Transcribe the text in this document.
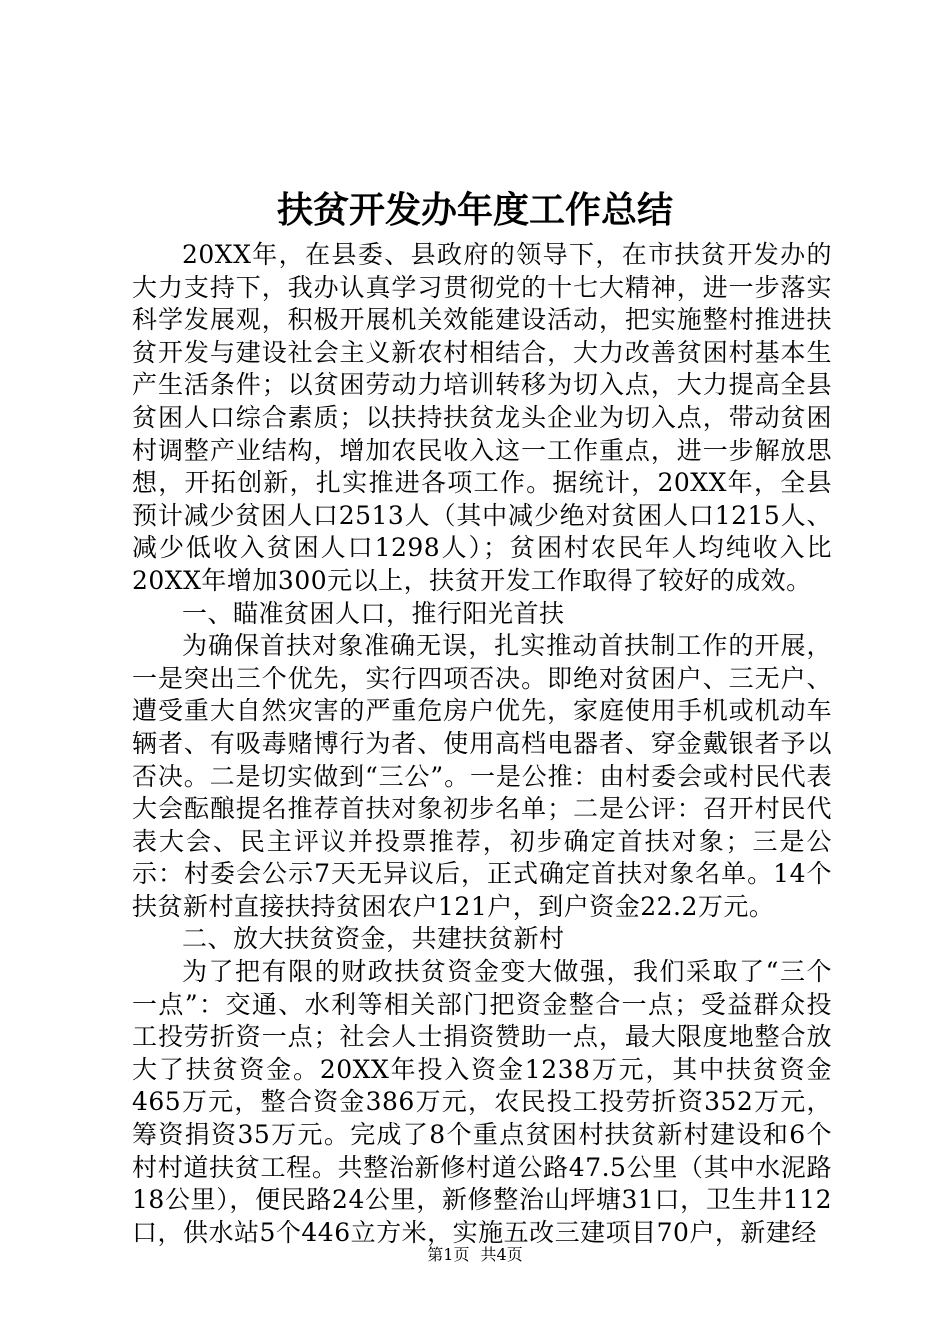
扶贫开发办年度工作总结

20XX年，在县委、县政府的领导下，在市扶贫开发办的大力支持下，我办认真学习贯彻党的十七大精神，进一步落实科学发展观，积极开展机关效能建设活动，把实施整村推进扶贫开发与建设社会主义新农村相结合，大力改善贫困村基本生产生活条件；以贫困劳动力培训转移为切入点，大力提高全县贫困人口综合素质；以扶持扶贫龙头企业为切入点，带动贫困村调整产业结构，增加农民收入这一工作重点，进一步解放思想，开拓创新，扎实推进各项工作。据统计，20XX年，全县预计减少贫困人口2513人（其中减少绝对贫困人口1215人、减少低收入贫困人口1298人）；贫困村农民年人均纯收入比20XX年增加300元以上，扶贫开发工作取得了较好的成效。

一、瞄准贫困人口，推行阳光首扶

为确保首扶对象准确无误，扎实推动首扶制工作的开展，一是突出三个优先，实行四项否决。即绝对贫困户、三无户、遭受重大自然灾害的严重危房户优先，家庭使用手机或机动车辆者、有吸毒赌博行为者、使用高档电器者、穿金戴银者予以否决。二是切实做到“三公”。一是公推：由村委会或村民代表大会酝酿提名推荐首扶对象初步名单；二是公评：召开村民代表大会、民主评议并投票推荐，初步确定首扶对象；三是公示：村委会公示7天无异议后，正式确定首扶对象名单。14个扶贫新村直接扶持贫困农户121户，到户资金22.2万元。

二、放大扶贫资金，共建扶贫新村

为了把有限的财政扶贫资金变大做强，我们采取了“三个一点”：交通、水利等相关部门把资金整合一点；受益群众投工投劳折资一点；社会人士捐资赞助一点，最大限度地整合放大了扶贫资金。20XX年投入资金1238万元，其中扶贫资金465万元，整合资金386万元，农民投工投劳折资352万元，筹资捐资35万元。完成了8个重点贫困村扶贫新村建设和6个村村道扶贫工程。共整治新修村道公路47.5公里（其中水泥路18公里），便民路24公里，新修整治山坪塘31口，卫生井112口，供水站5个446立方米，实施五改三建项目70户，新建经

第1页 共4页
